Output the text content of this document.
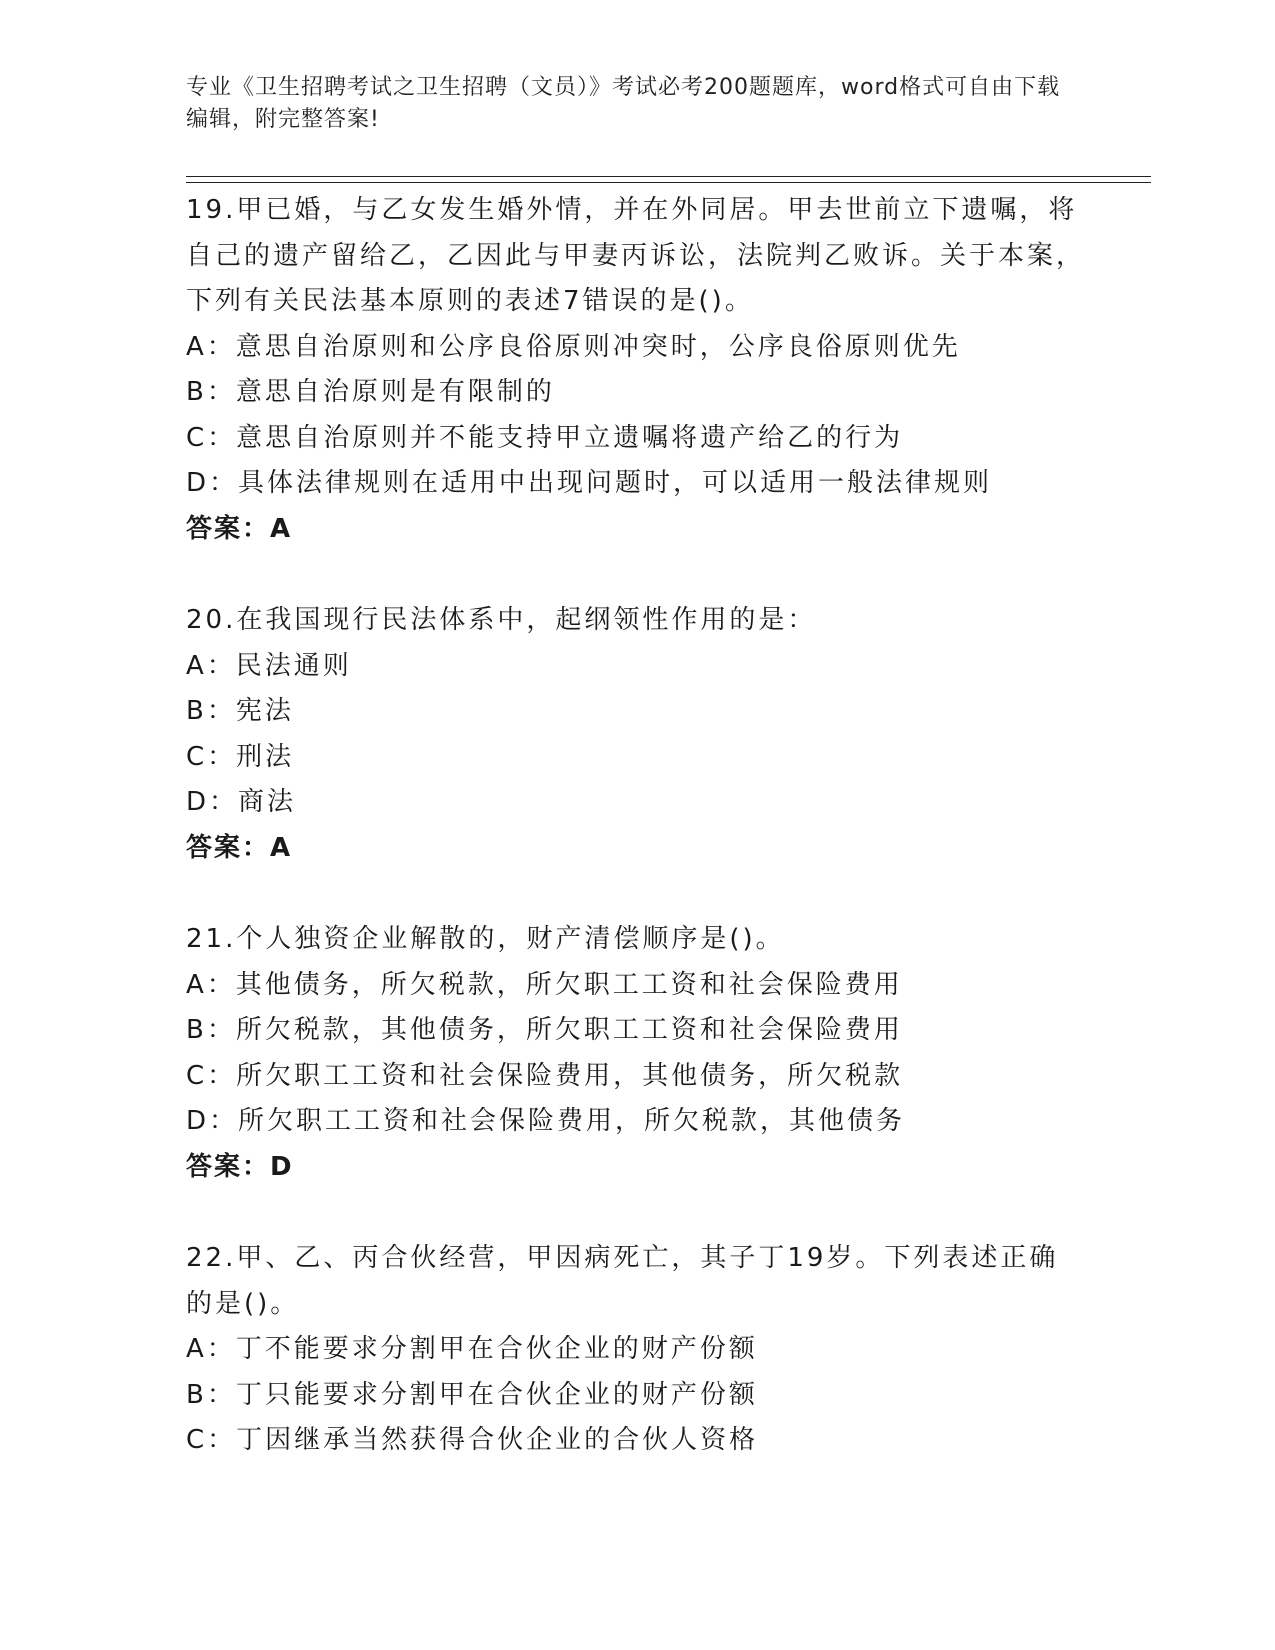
专业《卫生招聘考试之卫生招聘（文员）》考试必考200题题库，word格式可自由下载编辑，附完整答案!

19.甲已婚，与乙女发生婚外情，并在外同居。甲去世前立下遗嘱，将自己的遗产留给乙，乙因此与甲妻丙诉讼，法院判乙败诉。关于本案，下列有关民法基本原则的表述7错误的是()。

A：意思自治原则和公序良俗原则冲突时，公序良俗原则优先

B：意思自治原则是有限制的

C：意思自治原则并不能支持甲立遗嘱将遗产给乙的行为

D：具体法律规则在适用中出现问题时，可以适用一般法律规则

答案：A

20.在我国现行民法体系中，起纲领性作用的是：

A：民法通则

B：宪法

C：刑法

D：商法

答案：A

21.个人独资企业解散的，财产清偿顺序是()。

A：其他债务，所欠税款，所欠职工工资和社会保险费用

B：所欠税款，其他债务，所欠职工工资和社会保险费用

C：所欠职工工资和社会保险费用，其他债务，所欠税款

D：所欠职工工资和社会保险费用，所欠税款，其他债务

答案：D

22.甲、乙、丙合伙经营，甲因病死亡，其子丁19岁。下列表述正确的是()。

A：丁不能要求分割甲在合伙企业的财产份额

B：丁只能要求分割甲在合伙企业的财产份额

C：丁因继承当然获得合伙企业的合伙人资格
